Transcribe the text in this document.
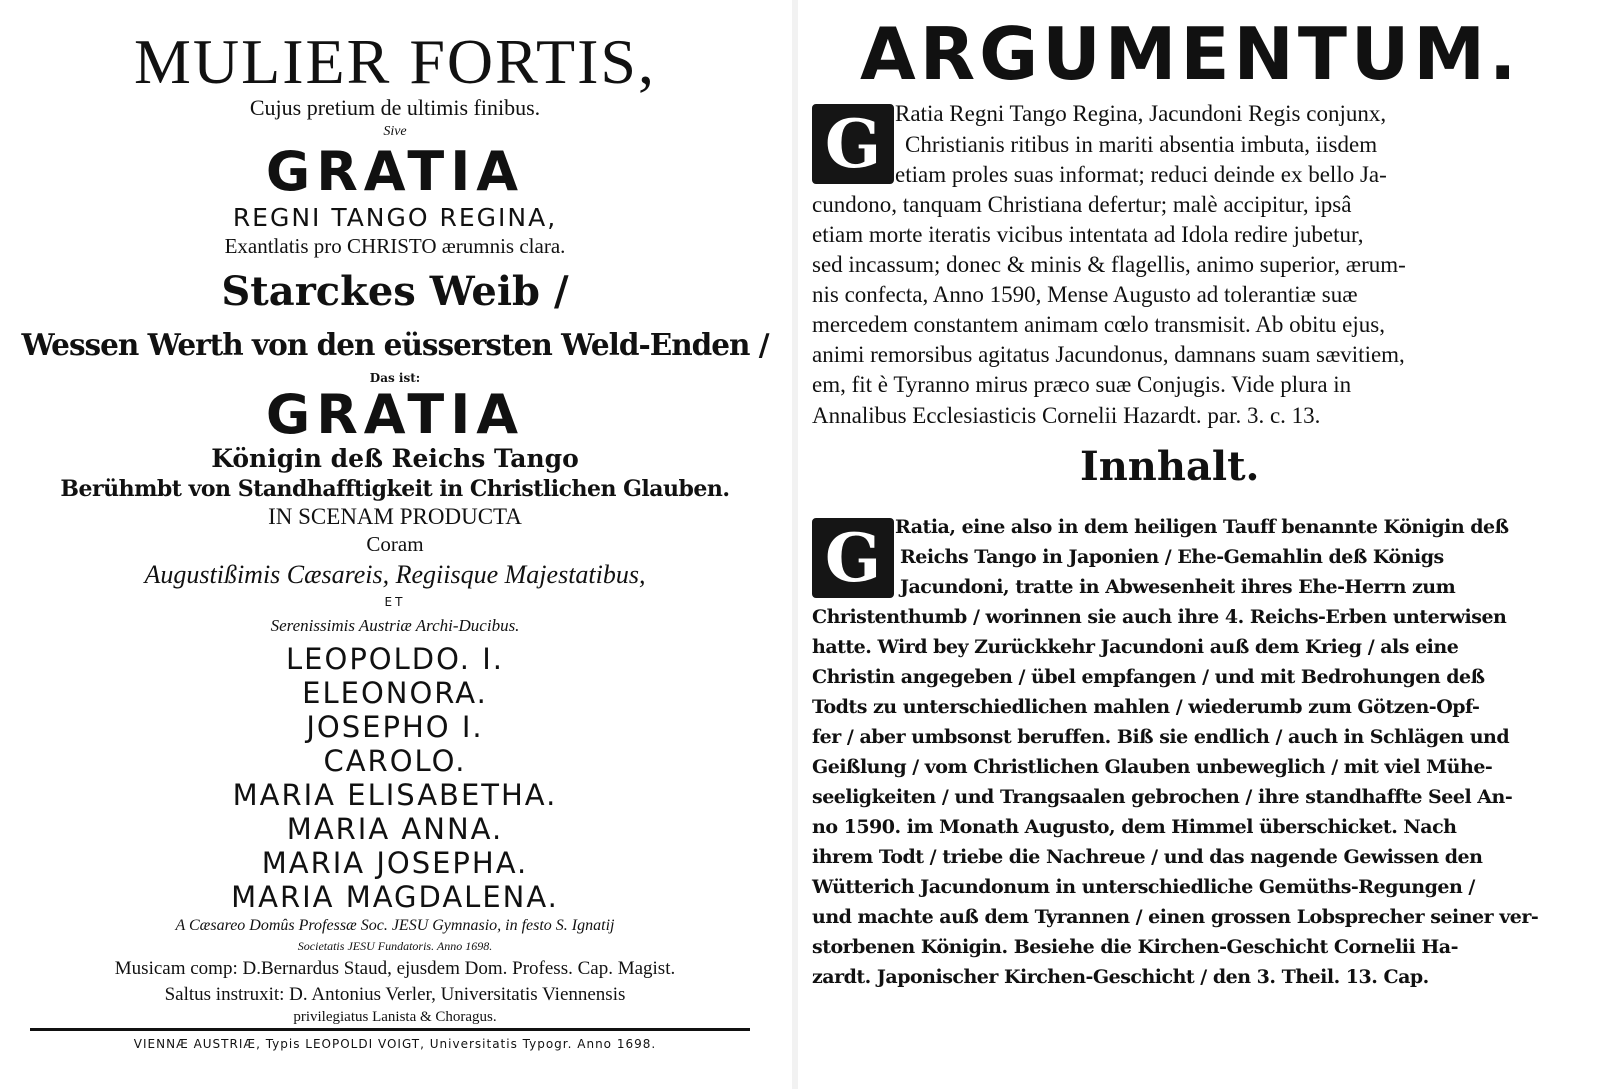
MULIER FORTIS,

Cujus pretium de ultimis finibus.

Sive

GRATIA

REGNI TANGO REGINA,

Exantlatis pro CHRISTO ærumnis clara.

Starckes Weib /

Wessen Werth von den eüssersten Weld-Enden /

Das ist:

GRATIA

Königin deß Reichs Tango

Berühmbt von Standhafftigkeit in Christlichen Glauben.

IN SCENAM PRODUCTA

Coram

Augustißimis Cæsareis, Regiisque Majestatibus,

ET

Serenissimis Austriæ Archi-Ducibus.

LEOPOLDO. I.

ELEONORA.

JOSEPHO I.

CAROLO.

MARIA ELISABETHA.

MARIA ANNA.

MARIA JOSEPHA.

MARIA MAGDALENA.

A Cæsareo Domûs Professæ Soc. JESU Gymnasio, in festo S. Ignatij

Societatis JESU Fundatoris. Anno 1698.

Musicam comp: D.Bernardus Staud, ejusdem Dom. Profess. Cap. Magist.

Saltus instruxit: D. Antonius Verler, Universitatis Viennensis

privilegiatus Lanista & Choragus.

VIENNÆ AUSTRIÆ, Typis LEOPOLDI VOIGT, Universitatis Typogr. Anno 1698.

ARGUMENTUM.

G Ratia Regni Tango Regina, Jacundoni Regis conjunx,

Christianis ritibus in mariti absentia imbuta, iisdem

etiam proles suas informat; reduci deinde ex bello Ja-

cundono, tanquam Christiana defertur; malè accipitur, ipsâ

etiam morte iteratis vicibus intentata ad Idola redire jubetur,

sed incassum; donec & minis & flagellis, animo superior, ærum-

nis confecta, Anno 1590, Mense Augusto ad tolerantiæ suæ

mercedem constantem animam cœlo transmisit. Ab obitu ejus,

animi remorsibus agitatus Jacundonus, damnans suam sævitiem,

em, fit è Tyranno mirus præco suæ Conjugis. Vide plura in

Annalibus Ecclesiasticis Cornelii Hazardt. par. 3. c. 13.

Innhalt.

G Ratia, eine also in dem heiligen Tauff benannte Königin deß

Reichs Tango in Japonien / Ehe-Gemahlin deß Königs

Jacundoni, tratte in Abwesenheit ihres Ehe-Herrn zum

Christenthumb / worinnen sie auch ihre 4. Reichs-Erben unterwisen

hatte. Wird bey Zurückkehr Jacundoni auß dem Krieg / als eine

Christin angegeben / übel empfangen / und mit Bedrohungen deß

Todts zu unterschiedlichen mahlen / wiederumb zum Götzen-Opf-

fer / aber umbsonst beruffen. Biß sie endlich / auch in Schlägen und

Geißlung / vom Christlichen Glauben unbeweglich / mit viel Mühe-

seeligkeiten / und Trangsaalen gebrochen / ihre standhaffte Seel An-

no 1590. im Monath Augusto, dem Himmel überschicket. Nach

ihrem Todt / triebe die Nachreue / und das nagende Gewissen den

Wütterich Jacundonum in unterschiedliche Gemüths-Regungen /

und machte auß dem Tyrannen / einen grossen Lobsprecher seiner ver-

storbenen Königin. Besiehe die Kirchen-Geschicht Cornelii Ha-

zardt. Japonischer Kirchen-Geschicht / den 3. Theil. 13. Cap.
